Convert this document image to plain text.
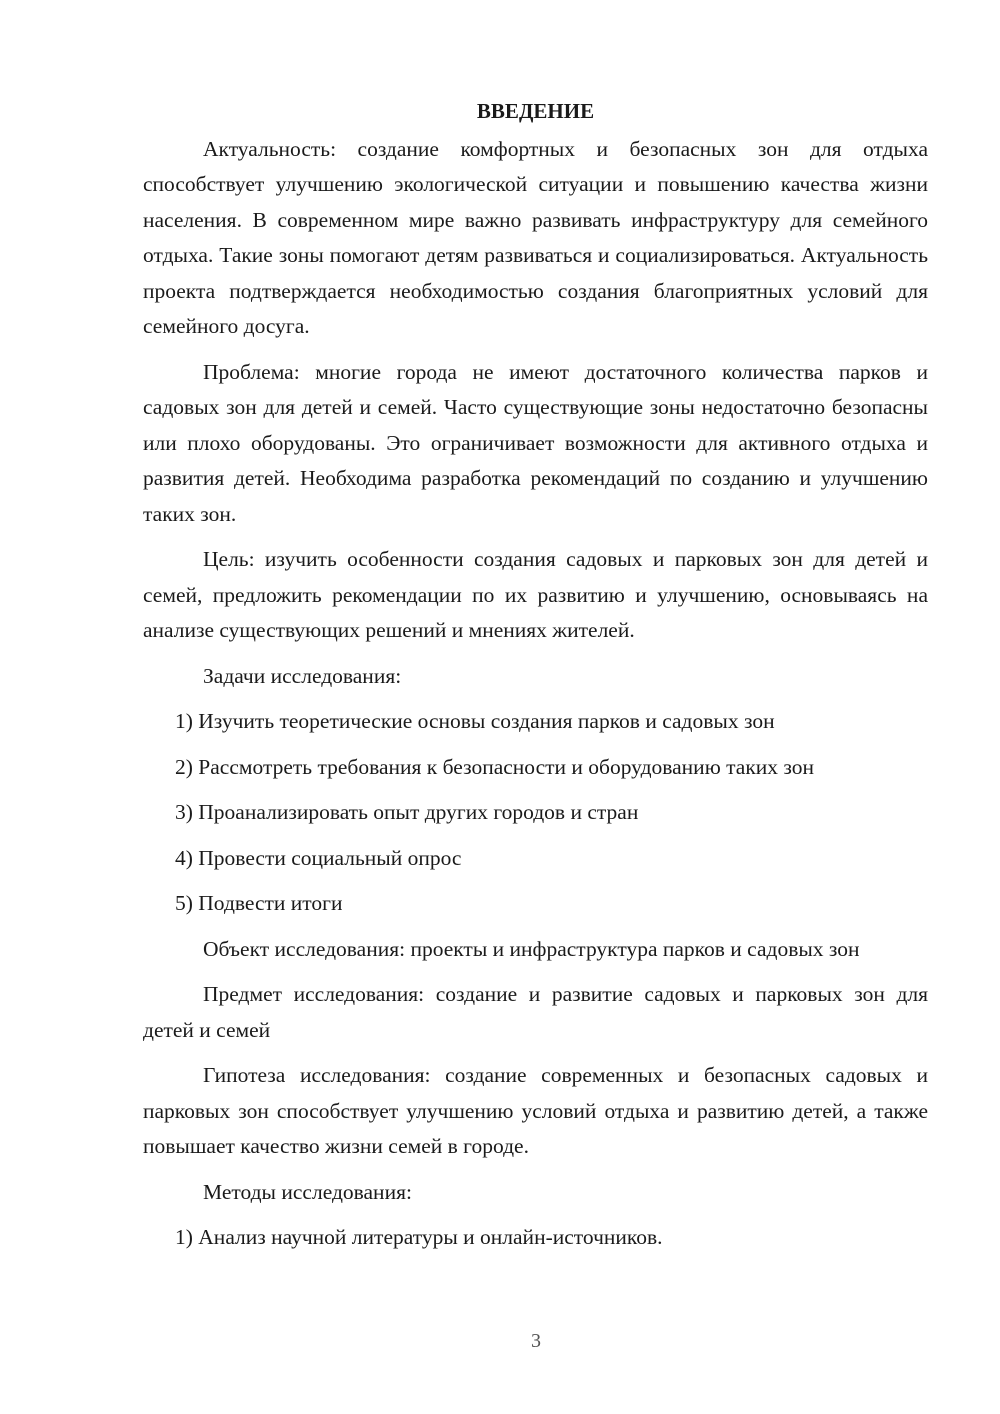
ВВЕДЕНИЕ

Актуальность: создание комфортных и безопасных зон для отдыха способствует улучшению экологической ситуации и повышению качества жизни населения. В современном мире важно развивать инфраструктуру для семейного отдыха. Такие зоны помогают детям развиваться и социализироваться. Актуальность проекта подтверждается необходимостью создания благоприятных условий для семейного досуга.

Проблема: многие города не имеют достаточного количества парков и садовых зон для детей и семей. Часто существующие зоны недостаточно безопасны или плохо оборудованы. Это ограничивает возможности для активного отдыха и развития детей. Необходима разработка рекомендаций по созданию и улучшению таких зон.

Цель: изучить особенности создания садовых и парковых зон для детей и семей, предложить рекомендации по их развитию и улучшению, основываясь на анализе существующих решений и мнениях жителей.

Задачи исследования:

1) Изучить теоретические основы создания парков и садовых зон
2) Рассмотреть требования к безопасности и оборудованию таких зон
3) Проанализировать опыт других городов и стран
4) Провести социальный опрос
5) Подвести итоги

Объект исследования: проекты и инфраструктура парков и садовых зон

Предмет исследования: создание и развитие садовых и парковых зон для детей и семей

Гипотеза исследования: создание современных и безопасных садовых и парковых зон способствует улучшению условий отдыха и развитию детей, а также повышает качество жизни семей в городе.

Методы исследования:

1) Анализ научной литературы и онлайн-источников.
3
